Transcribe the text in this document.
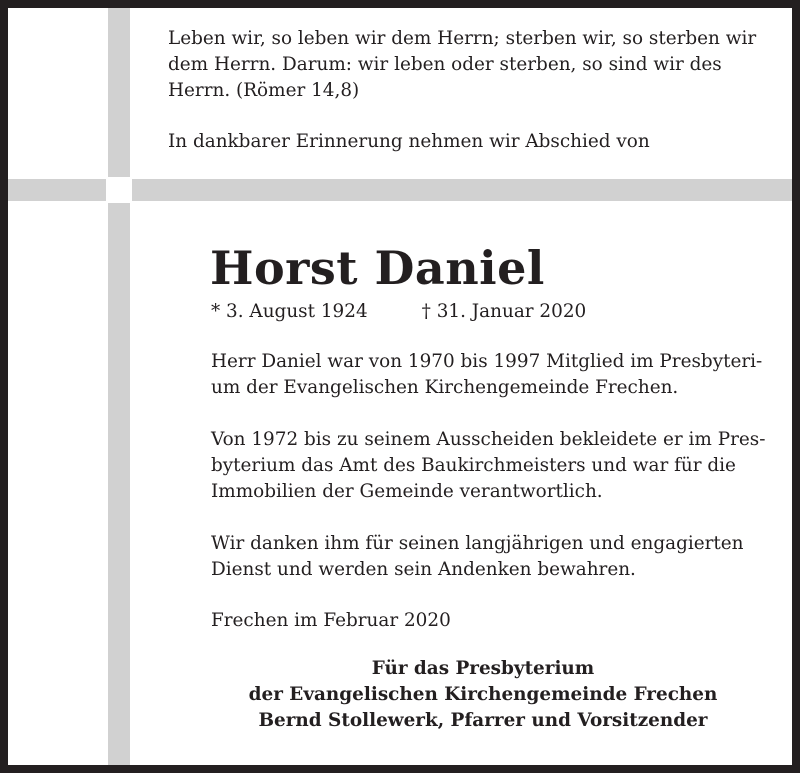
Leben wir, so leben wir dem Herrn; sterben wir, so sterben wir
dem Herrn. Darum: wir leben oder sterben, so sind wir des
Herrn. (Römer 14,8)

In dankbarer Erinnerung nehmen wir Abschied von

Horst Daniel

* 3. August 1924	† 31. Januar 2020

Herr Daniel war von 1970 bis 1997 Mitglied im Presbyteri-
um der Evangelischen Kirchengemeinde Frechen.

Von 1972 bis zu seinem Ausscheiden bekleidete er im Pres-
byterium das Amt des Baukirchmeisters und war für die
Immobilien der Gemeinde verantwortlich.

Wir danken ihm für seinen langjährigen und engagierten
Dienst und werden sein Andenken bewahren.

Frechen im Februar 2020

Für das Presbyterium
der Evangelischen Kirchengemeinde Frechen
Bernd Stollewerk, Pfarrer und Vorsitzender
